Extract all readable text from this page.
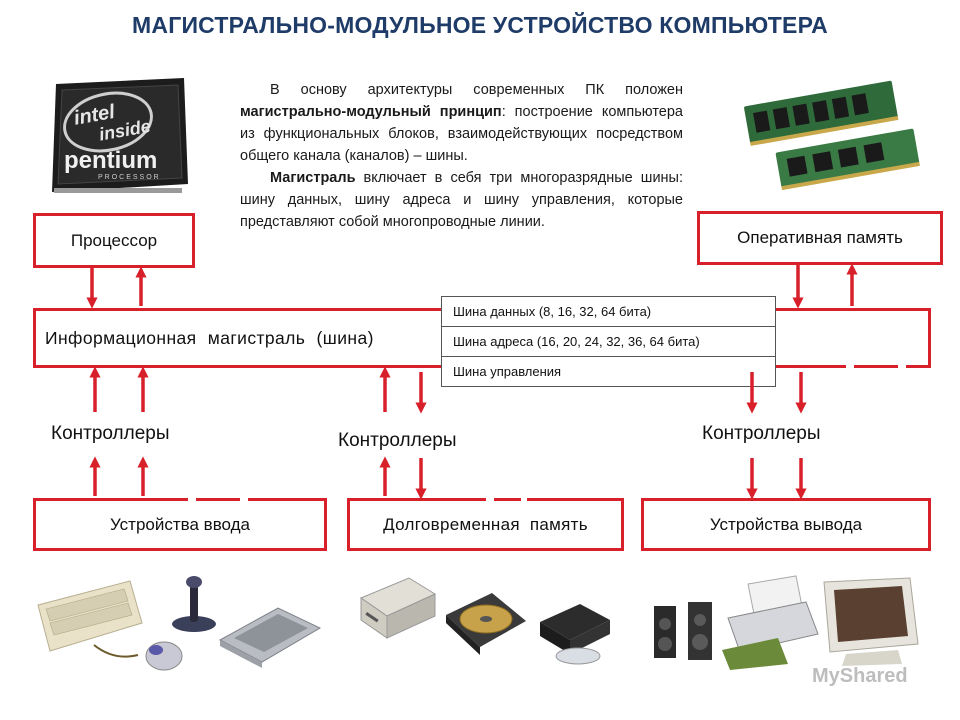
МАГИСТРАЛЬНО-МОДУЛЬНОЕ УСТРОЙСТВО КОМПЬЮТЕРА

В основу архитектуры современных ПК положен магистрально-модульный принцип: построение компьютера из функциональных блоков, взаимодействующих посредством общего канала (каналов) – шины.

Магистраль включает в себя три многоразрядные шины: шину данных, шину адреса и шину управления, которые представляют собой многопроводные линии.

intel
inside
pentium
PROCESSOR
Процессор	Оперативная память
Информационная магистраль (шина)
Шина данных (8, 16, 32, 64 бита)
Шина адреса (16, 20, 24, 32, 36, 64 бита)
Шина управления
Устройства ввода	Долговременная память	Устройства вывода
Контроллеры	Контроллеры	Контроллеры
MyShared
